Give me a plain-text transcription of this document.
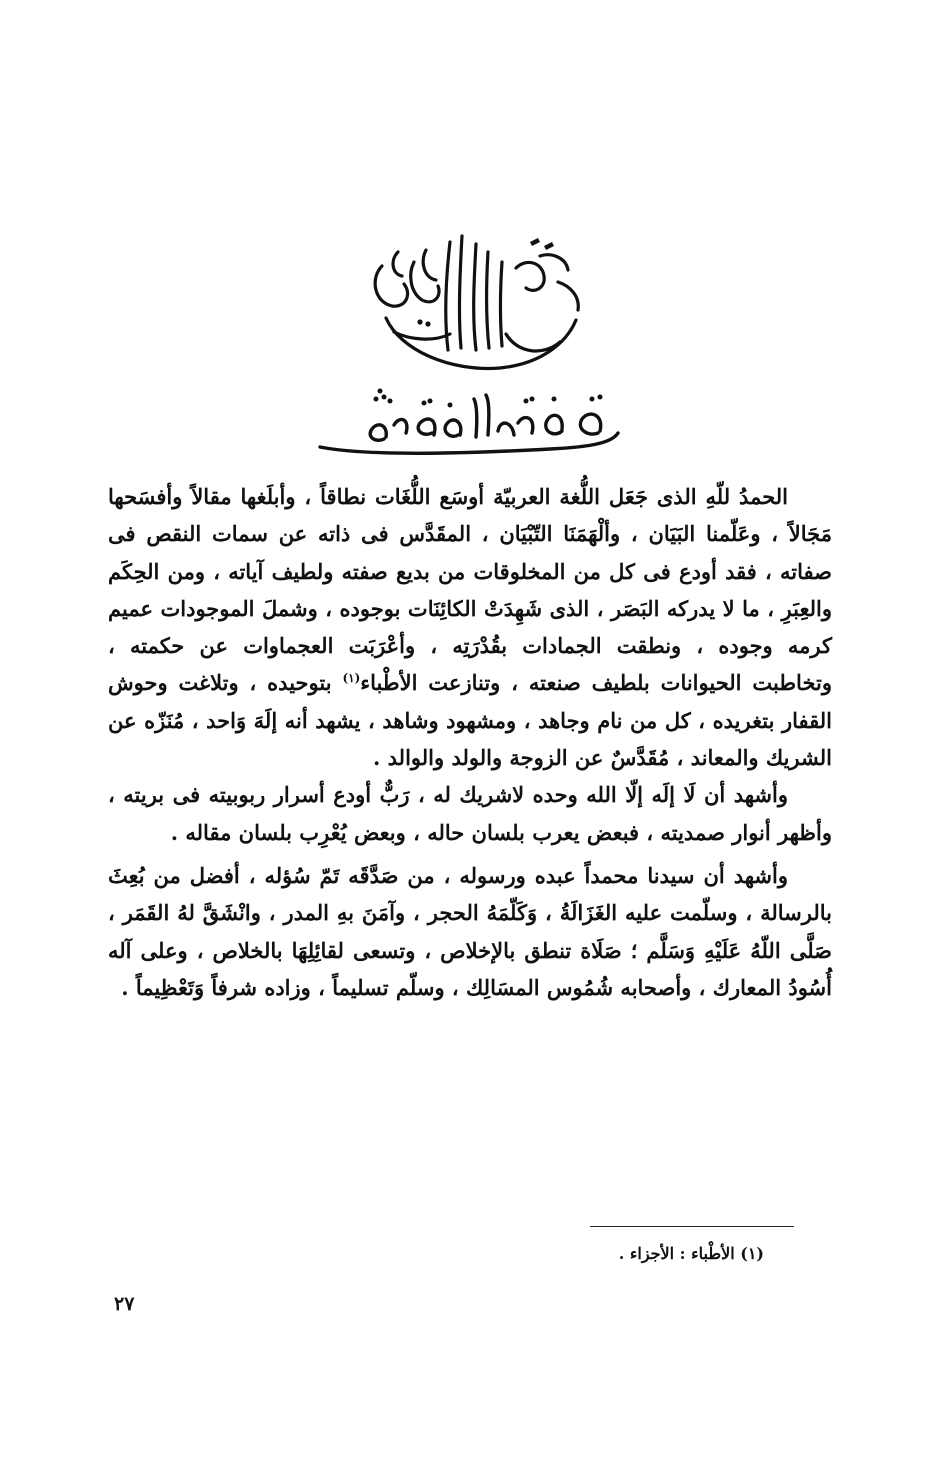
الحمدُ للّهِ الذى جَعَل اللُّغة العربيّة أوسَع اللُّغَات نطاقاً ، وأبلَغها مقالاً وأفسَحها مَجَالاً ، وعَلّمنا البَيَان ، وألْهَمَنَا التّبْيَان ، المقَدَّس فى ذاته عن سمات النقص فى صفاته ، فقد أودع فى كل من المخلوقات من بديع صفته ولطيف آياته ، ومن الحِكَم والعِبَرِ ، ما لا يدركه البَصَر ، الذى شَهِدَتْ الكائِنَات بوجوده ، وشملَ الموجودات عميم كرمه وجوده ، ونطقت الجمادات بقُدْرَتِه ، وأعْرَبَت العجماوات عن حكمته ، وتخاطبت الحيوانات بلطيف صنعته ، وتنازعت الأطْباء$^{(١)}$ بتوحيده ، وتلاغت وحوش القفار بتغريده ، كل من نام وجاهد ، ومشهود وشاهد ، يشهد أنه إلَهَ وَاحد ، مُنَزّه عن الشريك والمعاند ، مُقَدَّسٌ عن الزوجة والولد والوالد .

وأشهد أن لَا إلَه إلّا الله وحده لاشريك له ، رَبٌّ أودع أسرار ربوبيته فى بريته ، وأظهر أنوار صمديته ، فبعض يعرب بلسان حاله ، وبعض يُعْرِب بلسان مقاله .

وأشهد أن سيدنا محمداً عبده ورسوله ، من صَدَّقَه تَمّ سُؤله ، أفضل من بُعِثَ بالرسالة ، وسلّمت عليه الغَزَالَةُ ، وَكَلّمَهُ الحجر ، وآمَنَ بهِ المدر ، وانْشَقَّ لهُ القَمَر ، صَلَّى اللّهُ عَلَيْهِ وَسَلَّم ؛ صَلَاة تنطق بالإخلاص ، وتسعى لقائِلِهَا بالخلاص ، وعلى آله أُسُودُ المعارك ، وأصحابه شُمُوس المسَالِك ، وسلّم تسليماً ، وزاده شرفاً وَتَعْظِيماً .

(١) الأطْباء : الأجزاء .
٢٧
